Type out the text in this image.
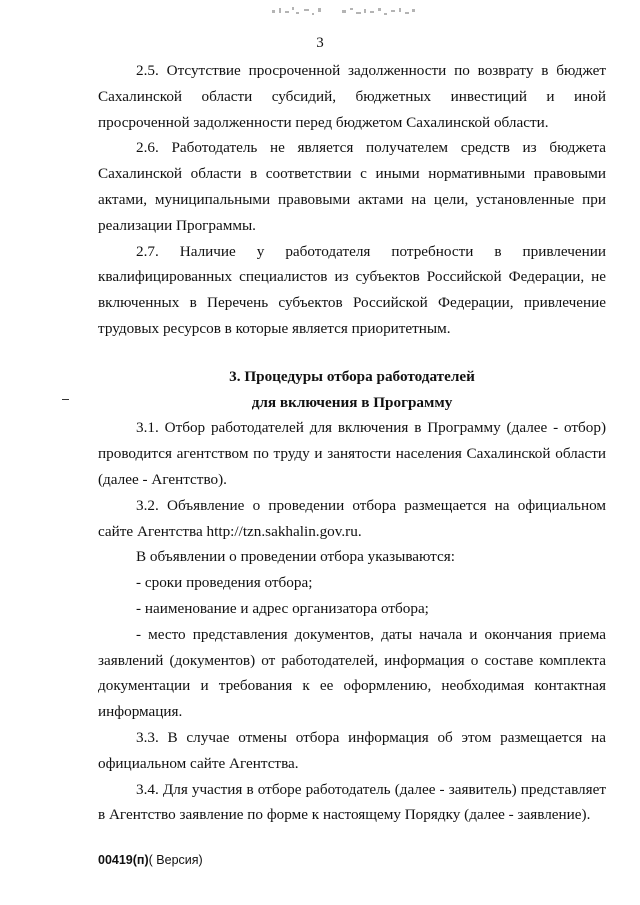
3

2.5. Отсутствие просроченной задолженности по возврату в бюджет Сахалинской области субсидий, бюджетных инвестиций и иной просроченной задолженности перед бюджетом Сахалинской области.

2.6. Работодатель не является получателем средств из бюджета Сахалинской области в соответствии с иными нормативными правовыми актами, муниципальными правовыми актами на цели, установленные при реализации Программы.

2.7. Наличие у работодателя потребности в привлечении квалифицированных специалистов из субъектов Российской Федерации, не включенных в Перечень субъектов Российской Федерации, привлечение трудовых ресурсов в которые является приоритетным.

3. Процедуры отбора работодателей
для включения в Программу

3.1. Отбор работодателей для включения в Программу (далее - отбор) проводится агентством по труду и занятости населения Сахалинской области (далее - Агентство).

3.2. Объявление о проведении отбора размещается на официальном сайте Агентства http://tzn.sakhalin.gov.ru.

В объявлении о проведении отбора указываются:

- сроки проведения отбора;

- наименование и адрес организатора отбора;

- место представления документов, даты начала и окончания приема заявлений (документов) от работодателей, информация о составе комплекта документации и требования к ее оформлению, необходимая контактная информация.

3.3. В случае отмены отбора информация об этом размещается на официальном сайте Агентства.

3.4. Для участия в отборе работодатель (далее - заявитель) представляет в Агентство заявление по форме к настоящему Порядку (далее - заявление).

00419(п)( Версия)
